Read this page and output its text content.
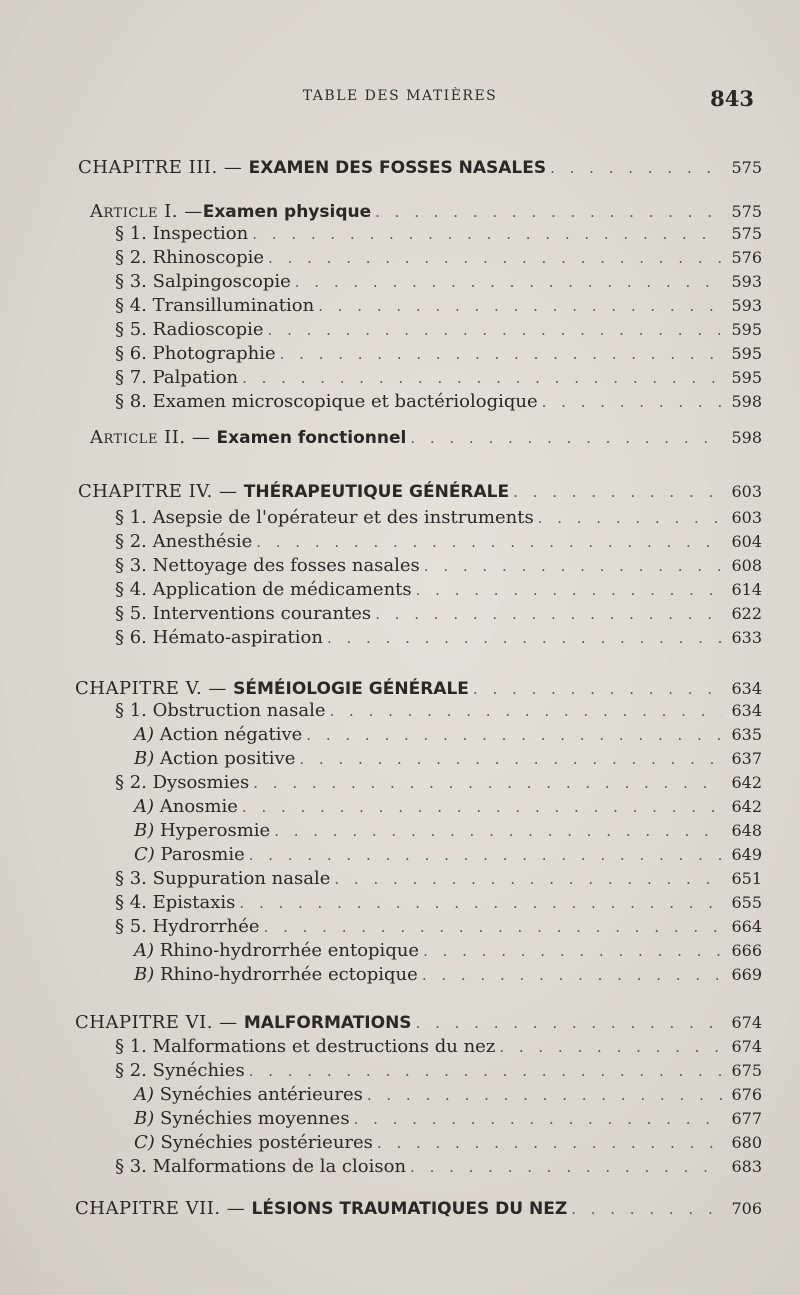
TABLE DES MATIÈRES	843
CHAPITRE III. — EXAMEN DES FOSSES NASALES . . .	575
Article I. —Examen physique . . .	575
§ 1. Inspection . . .	575
§ 2. Rhinoscopie . . .	576
§ 3. Salpingoscopie . . .	593
§ 4. Transillumination . . .	593
§ 5. Radioscopie . . .	595
§ 6. Photographie . . .	595
§ 7. Palpation . . .	595
§ 8. Examen microscopique et bactériologique . . .	598
Article II. — Examen fonctionnel . . .	598
CHAPITRE IV. — THÉRAPEUTIQUE GÉNÉRALE . . .	603
§ 1. Asepsie de l'opérateur et des instruments . . .	603
§ 2. Anesthésie . . .	604
§ 3. Nettoyage des fosses nasales . . .	608
§ 4. Application de médicaments . . .	614
§ 5. Interventions courantes . . .	622
§ 6. Hémato-aspiration . . .	633
CHAPITRE V. — SÉMÉIOLOGIE GÉNÉRALE . . .	634
§ 1. Obstruction nasale . . .	634
A) Action négative . . .	635
B) Action positive . . .	637
§ 2. Dysosmies . . .	642
A) Anosmie . . .	642
B) Hyperosmie . . .	648
C) Parosmie . . .	649
§ 3. Suppuration nasale . . .	651
§ 4. Epistaxis . . .	655
§ 5. Hydrorrhée . . .	664
A) Rhino-hydrorrhée entopique . . .	666
B) Rhino-hydrorrhée ectopique . . .	669
CHAPITRE VI. — MALFORMATIONS . . .	674
§ 1. Malformations et destructions du nez . . .	674
§ 2. Synéchies . . .	675
A) Synéchies antérieures . . .	676
B) Synéchies moyennes . . .	677
C) Synéchies postérieures . . .	680
§ 3. Malformations de la cloison . . .	683
CHAPITRE VII. — LÉSIONS TRAUMATIQUES DU NEZ . . .	706
